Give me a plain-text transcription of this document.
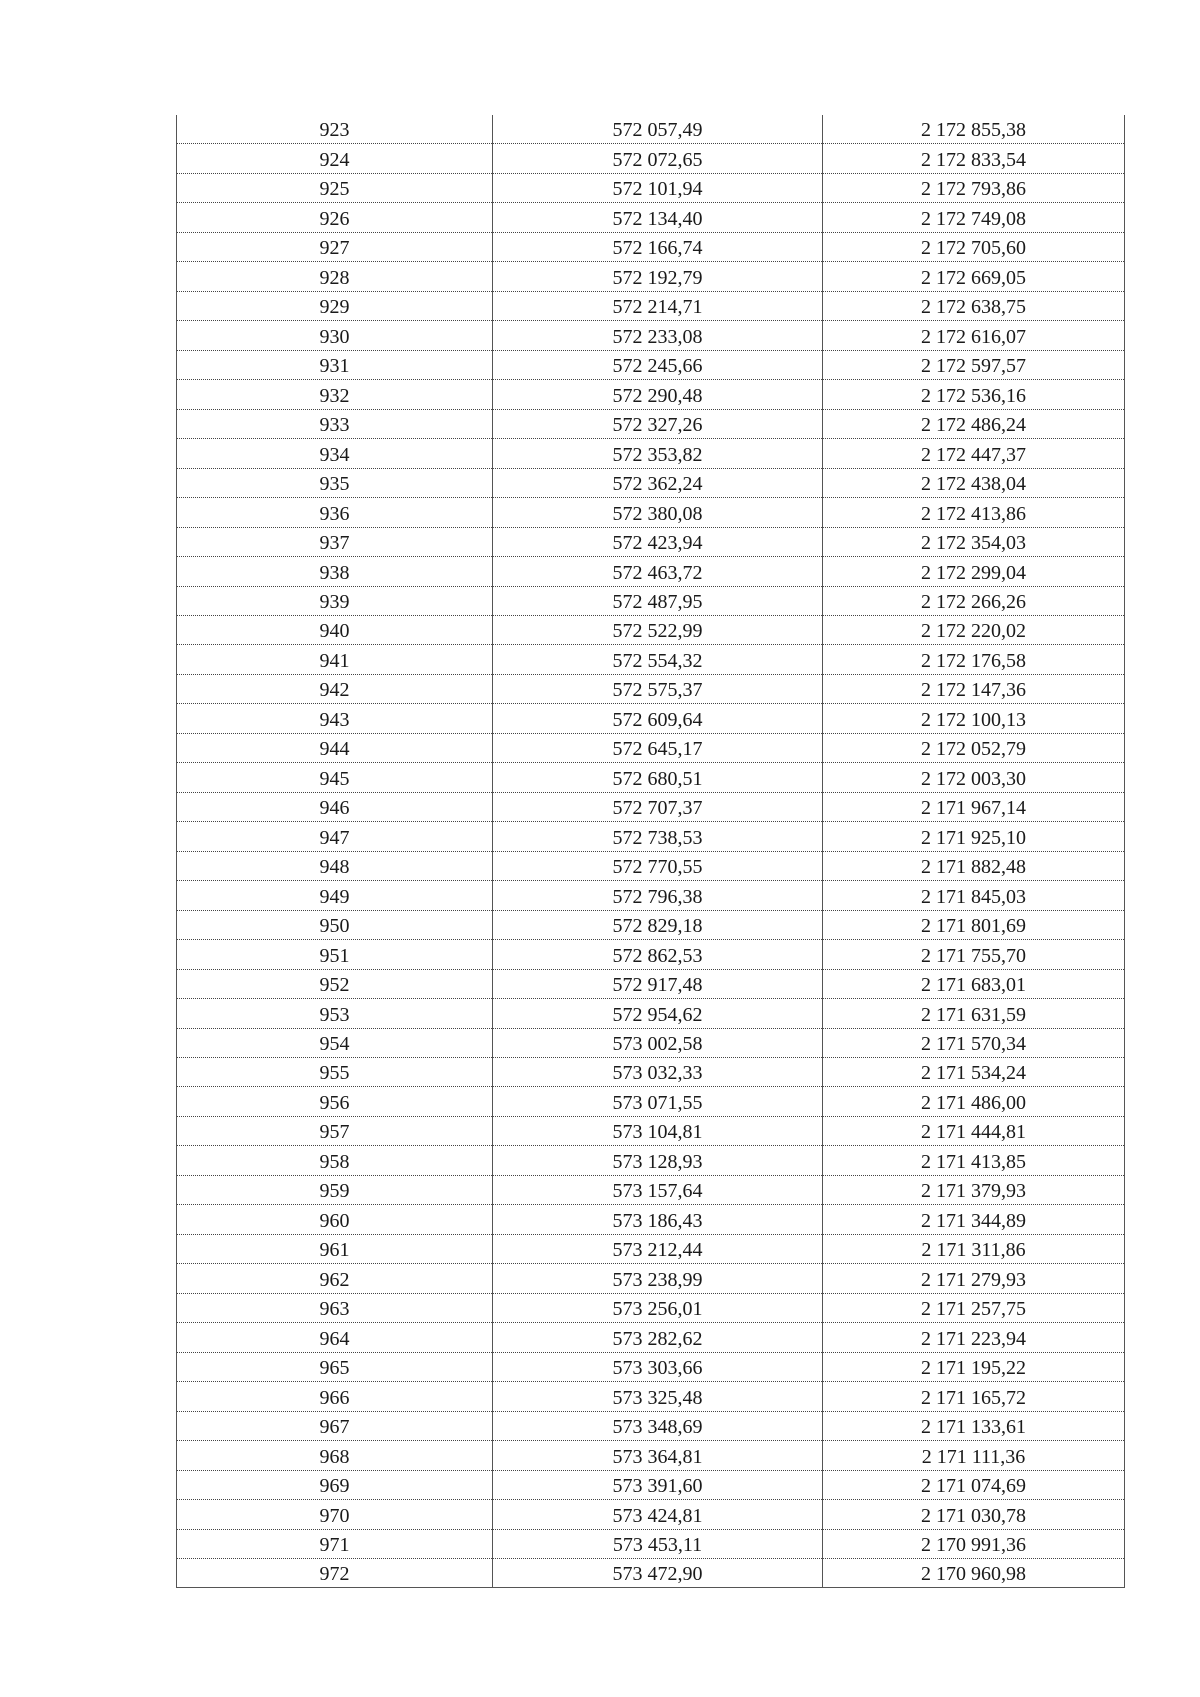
923	572 057,49	2 172 855,38
924	572 072,65	2 172 833,54
925	572 101,94	2 172 793,86
926	572 134,40	2 172 749,08
927	572 166,74	2 172 705,60
928	572 192,79	2 172 669,05
929	572 214,71	2 172 638,75
930	572 233,08	2 172 616,07
931	572 245,66	2 172 597,57
932	572 290,48	2 172 536,16
933	572 327,26	2 172 486,24
934	572 353,82	2 172 447,37
935	572 362,24	2 172 438,04
936	572 380,08	2 172 413,86
937	572 423,94	2 172 354,03
938	572 463,72	2 172 299,04
939	572 487,95	2 172 266,26
940	572 522,99	2 172 220,02
941	572 554,32	2 172 176,58
942	572 575,37	2 172 147,36
943	572 609,64	2 172 100,13
944	572 645,17	2 172 052,79
945	572 680,51	2 172 003,30
946	572 707,37	2 171 967,14
947	572 738,53	2 171 925,10
948	572 770,55	2 171 882,48
949	572 796,38	2 171 845,03
950	572 829,18	2 171 801,69
951	572 862,53	2 171 755,70
952	572 917,48	2 171 683,01
953	572 954,62	2 171 631,59
954	573 002,58	2 171 570,34
955	573 032,33	2 171 534,24
956	573 071,55	2 171 486,00
957	573 104,81	2 171 444,81
958	573 128,93	2 171 413,85
959	573 157,64	2 171 379,93
960	573 186,43	2 171 344,89
961	573 212,44	2 171 311,86
962	573 238,99	2 171 279,93
963	573 256,01	2 171 257,75
964	573 282,62	2 171 223,94
965	573 303,66	2 171 195,22
966	573 325,48	2 171 165,72
967	573 348,69	2 171 133,61
968	573 364,81	2 171 111,36
969	573 391,60	2 171 074,69
970	573 424,81	2 171 030,78
971	573 453,11	2 170 991,36
972	573 472,90	2 170 960,98
